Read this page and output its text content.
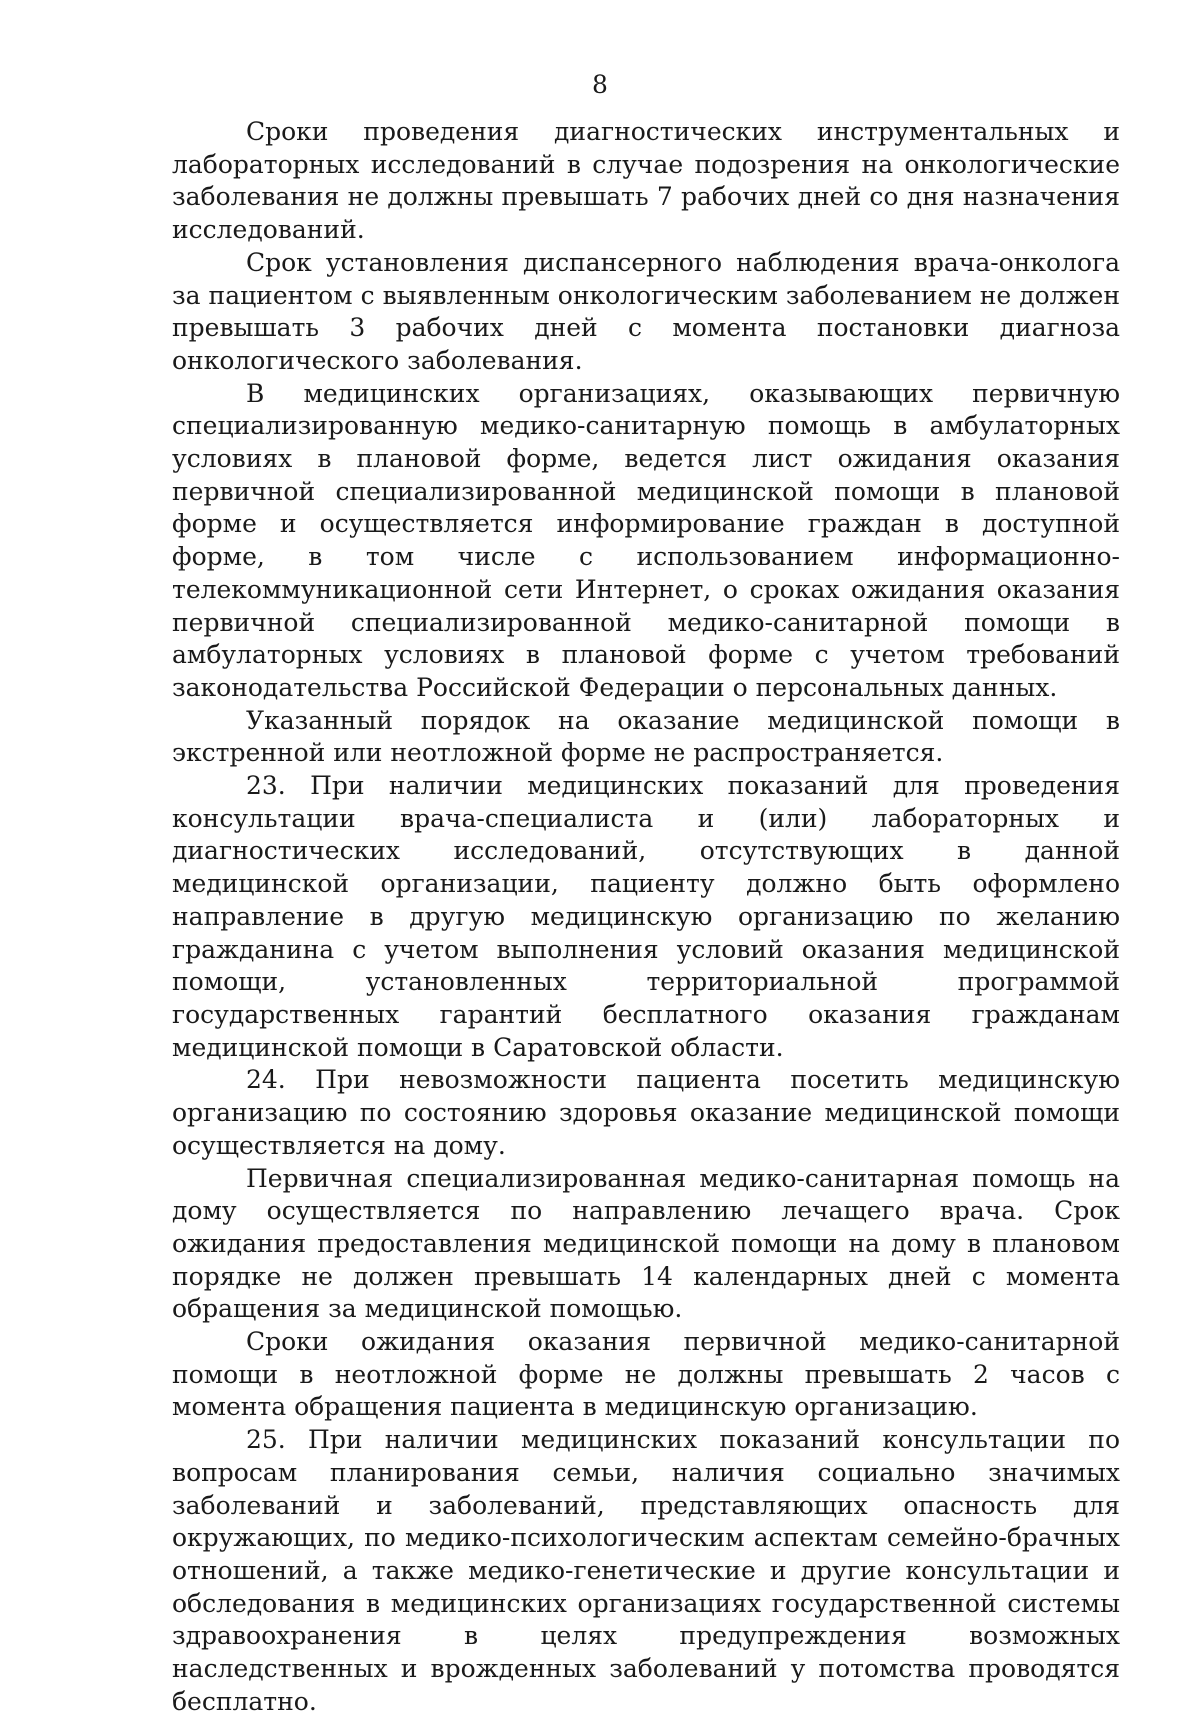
8

Сроки проведения диагностических инструментальных и лабораторных исследований в случае подозрения на онкологические заболевания не должны превышать 7 рабочих дней со дня назначения исследований.

Срок установления диспансерного наблюдения врача-онколога за пациентом с выявленным онкологическим заболеванием не должен превышать 3 рабочих дней с момента постановки диагноза онкологического заболевания.

В медицинских организациях, оказывающих первичную специализированную медико-санитарную помощь в амбулаторных условиях в плановой форме, ведется лист ожидания оказания первичной специализированной медицинской помощи в плановой форме и осуществляется информирование граждан в доступной форме, в том числе с использованием информационно-телекоммуникационной сети Интернет, о сроках ожидания оказания первичной специализированной медико-санитарной помощи в амбулаторных условиях в плановой форме с учетом требований законодательства Российской Федерации о персональных данных.

Указанный порядок на оказание медицинской помощи в экстренной или неотложной форме не распространяется.

23. При наличии медицинских показаний для проведения консультации врача-специалиста и (или) лабораторных и диагностических исследований, отсутствующих в данной медицинской организации, пациенту должно быть оформлено направление в другую медицинскую организацию по желанию гражданина с учетом выполнения условий оказания медицинской помощи, установленных территориальной программой государственных гарантий бесплатного оказания гражданам медицинской помощи в Саратовской области.

24. При невозможности пациента посетить медицинскую организацию по состоянию здоровья оказание медицинской помощи осуществляется на дому.

Первичная специализированная медико-санитарная помощь на дому осуществляется по направлению лечащего врача. Срок ожидания предоставления медицинской помощи на дому в плановом порядке не должен превышать 14 календарных дней с момента обращения за медицинской помощью.

Сроки ожидания оказания первичной медико-санитарной помощи в неотложной форме не должны превышать 2 часов с момента обращения пациента в медицинскую организацию.

25. При наличии медицинских показаний консультации по вопросам планирования семьи, наличия социально значимых заболеваний и заболеваний, представляющих опасность для окружающих, по медико-психологическим аспектам семейно-брачных отношений, а также медико-генетические и другие консультации и обследования в медицинских организациях государственной системы здравоохранения в целях предупреждения возможных наследственных и врожденных заболеваний у потомства проводятся бесплатно.
